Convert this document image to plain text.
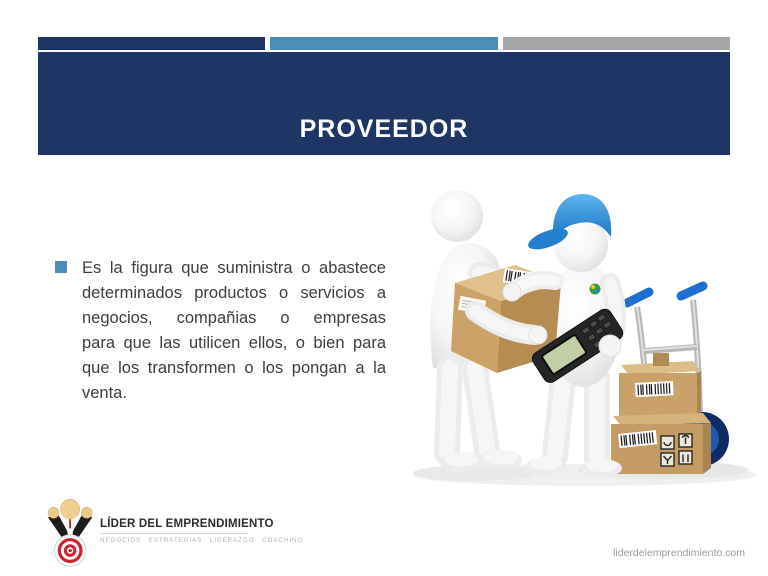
PROVEEDOR
Es la figura que suministra o abastece
determinados productos o servicios a
negocios, compañias o empresas
para que las utilicen ellos, o bien para
que los transformen o los pongan a la
venta.
LÍDER DEL EMPRENDIMIENTO
NEGOCIOS ESTRATEGIAS LIDERAZGO COACHING
liderdelemprendimiento.com
